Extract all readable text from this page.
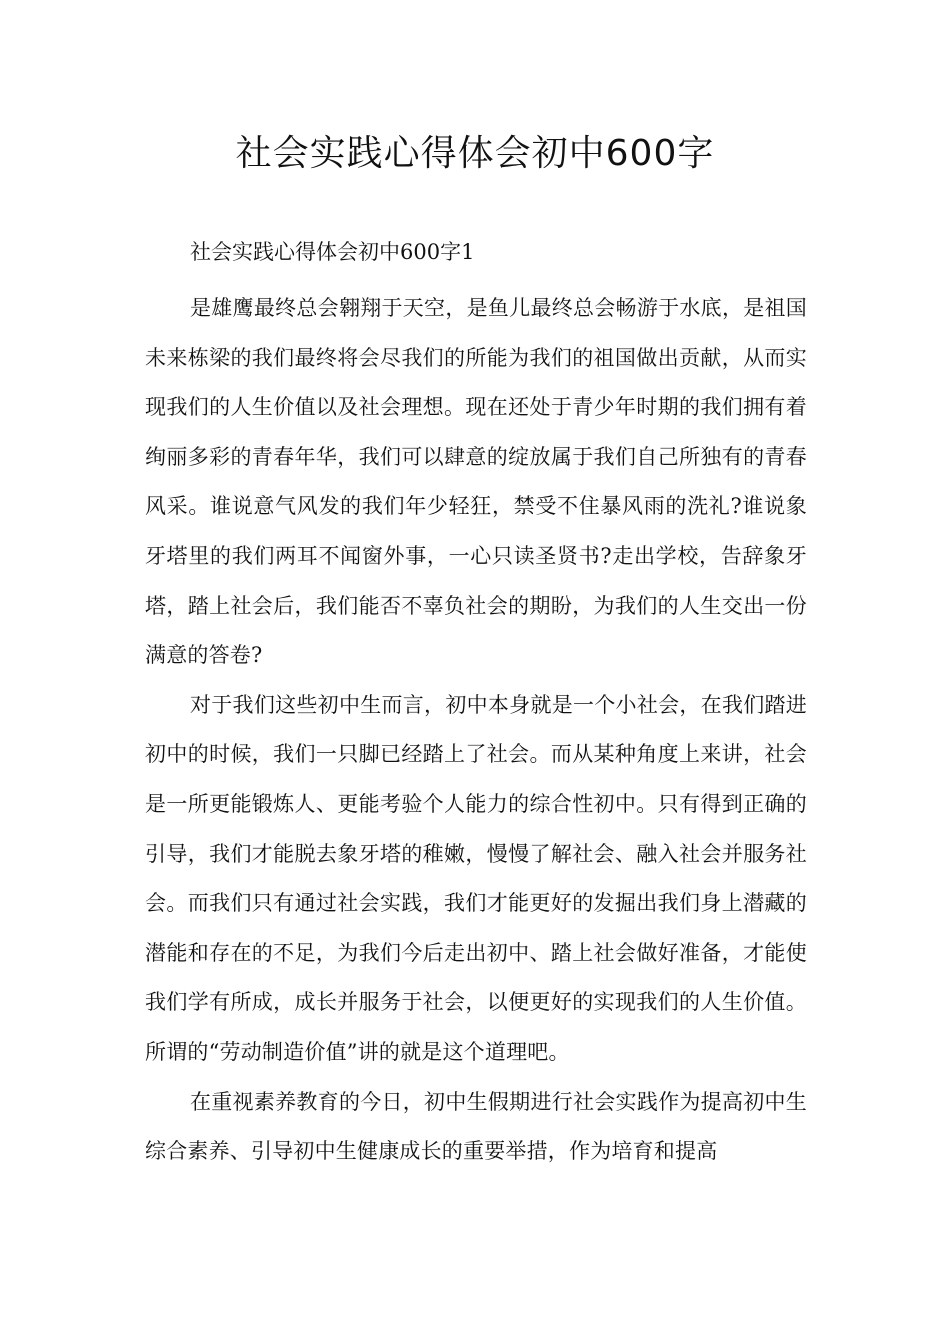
社会实践心得体会初中600字

社会实践心得体会初中600字1

是雄鹰最终总会翱翔于天空，是鱼儿最终总会畅游于水底，是祖国未来栋梁的我们最终将会尽我们的所能为我们的祖国做出贡献，从而实现我们的人生价值以及社会理想。现在还处于青少年时期的我们拥有着绚丽多彩的青春年华，我们可以肆意的绽放属于我们自己所独有的青春风采。谁说意气风发的我们年少轻狂，禁受不住暴风雨的洗礼?谁说象牙塔里的我们两耳不闻窗外事，一心只读圣贤书?走出学校，告辞象牙塔，踏上社会后，我们能否不辜负社会的期盼，为我们的人生交出一份满意的答卷?

对于我们这些初中生而言，初中本身就是一个小社会，在我们踏进初中的时候，我们一只脚已经踏上了社会。而从某种角度上来讲，社会是一所更能锻炼人、更能考验个人能力的综合性初中。只有得到正确的引导，我们才能脱去象牙塔的稚嫩，慢慢了解社会、融入社会并服务社会。而我们只有通过社会实践，我们才能更好的发掘出我们身上潜藏的潜能和存在的不足，为我们今后走出初中、踏上社会做好准备，才能使我们学有所成，成长并服务于社会，以便更好的实现我们的人生价值。所谓的“劳动制造价值”讲的就是这个道理吧。

在重视素养教育的今日，初中生假期进行社会实践作为提高初中生综合素养、引导初中生健康成长的重要举措，作为培育和提高
